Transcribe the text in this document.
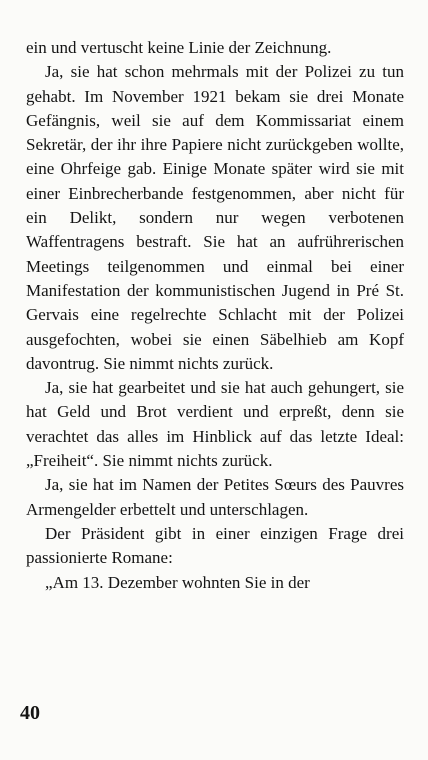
ein und vertuscht keine Linie der Zeichnung.

Ja, sie hat schon mehrmals mit der Polizei zu tun gehabt. Im November 1921 bekam sie drei Monate Gefängnis, weil sie auf dem Kommissariat einem Sekretär, der ihr ihre Papiere nicht zurückgeben wollte, eine Ohrfeige gab. Einige Monate später wird sie mit einer Einbrecherbande festgenommen, aber nicht für ein Delikt, sondern nur wegen verbotenen Waffentragens bestraft. Sie hat an aufrührerischen Meetings teilgenommen und einmal bei einer Manifestation der kommunistischen Jugend in Pré St. Gervais eine regelrechte Schlacht mit der Polizei ausgefochten, wobei sie einen Säbelhieb am Kopf davontrug. Sie nimmt nichts zurück.

Ja, sie hat gearbeitet und sie hat auch gehungert, sie hat Geld und Brot verdient und erpreßt, denn sie verachtet das alles im Hinblick auf das letzte Ideal: „Freiheit“. Sie nimmt nichts zurück.

Ja, sie hat im Namen der Petites Sœurs des Pauvres Armengelder erbettelt und unterschlagen.

Der Präsident gibt in einer einzigen Frage drei passionierte Romane:

„Am 13. Dezember wohnten Sie in der

40
